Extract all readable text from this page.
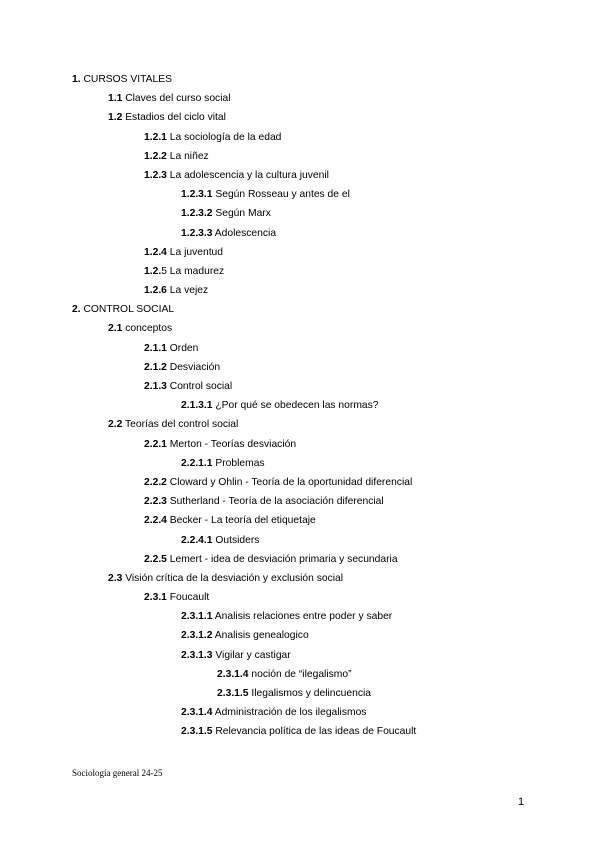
1. CURSOS VITALES
1.1 Claves del curso social
1.2 Estadios del ciclo vital
1.2.1 La sociología de la edad
1.2.2 La niñez
1.2.3 La adolescencia y la cultura juvenil
1.2.3.1 Según Rosseau y antes de el
1.2.3.2 Según Marx
1.2.3.3 Adolescencia
1.2.4 La juventud
1.2.5 La madurez
1.2.6 La vejez
2. CONTROL SOCIAL
2.1 conceptos
2.1.1 Orden
2.1.2 Desviación
2.1.3 Control social
2.1.3.1 ¿Por qué se obedecen las normas?
2.2 Teorías del control social
2.2.1 Merton - Teorías desviación
2.2.1.1 Problemas
2.2.2 Cloward y Ohlin - Teoría de la oportunidad diferencial
2.2.3 Sutherland - Teoría de la asociación diferencial
2.2.4 Becker - La teoría del etiquetaje
2.2.4.1 Outsiders
2.2.5 Lemert - idea de desviación primaria y secundaria
2.3 Visión crítica de la desviación y exclusión social
2.3.1 Foucault
2.3.1.1 Analisis relaciones entre poder y saber
2.3.1.2 Analisis genealogico
2.3.1.3 Vigilar y castigar
2.3.1.4 noción de “ilegalismo”
2.3.1.5 Ilegalismos y delincuencia
2.3.1.4 Administración de los ilegalismos
2.3.1.5 Relevancia política de las ideas de Foucault
Sociología general 24-25
1
